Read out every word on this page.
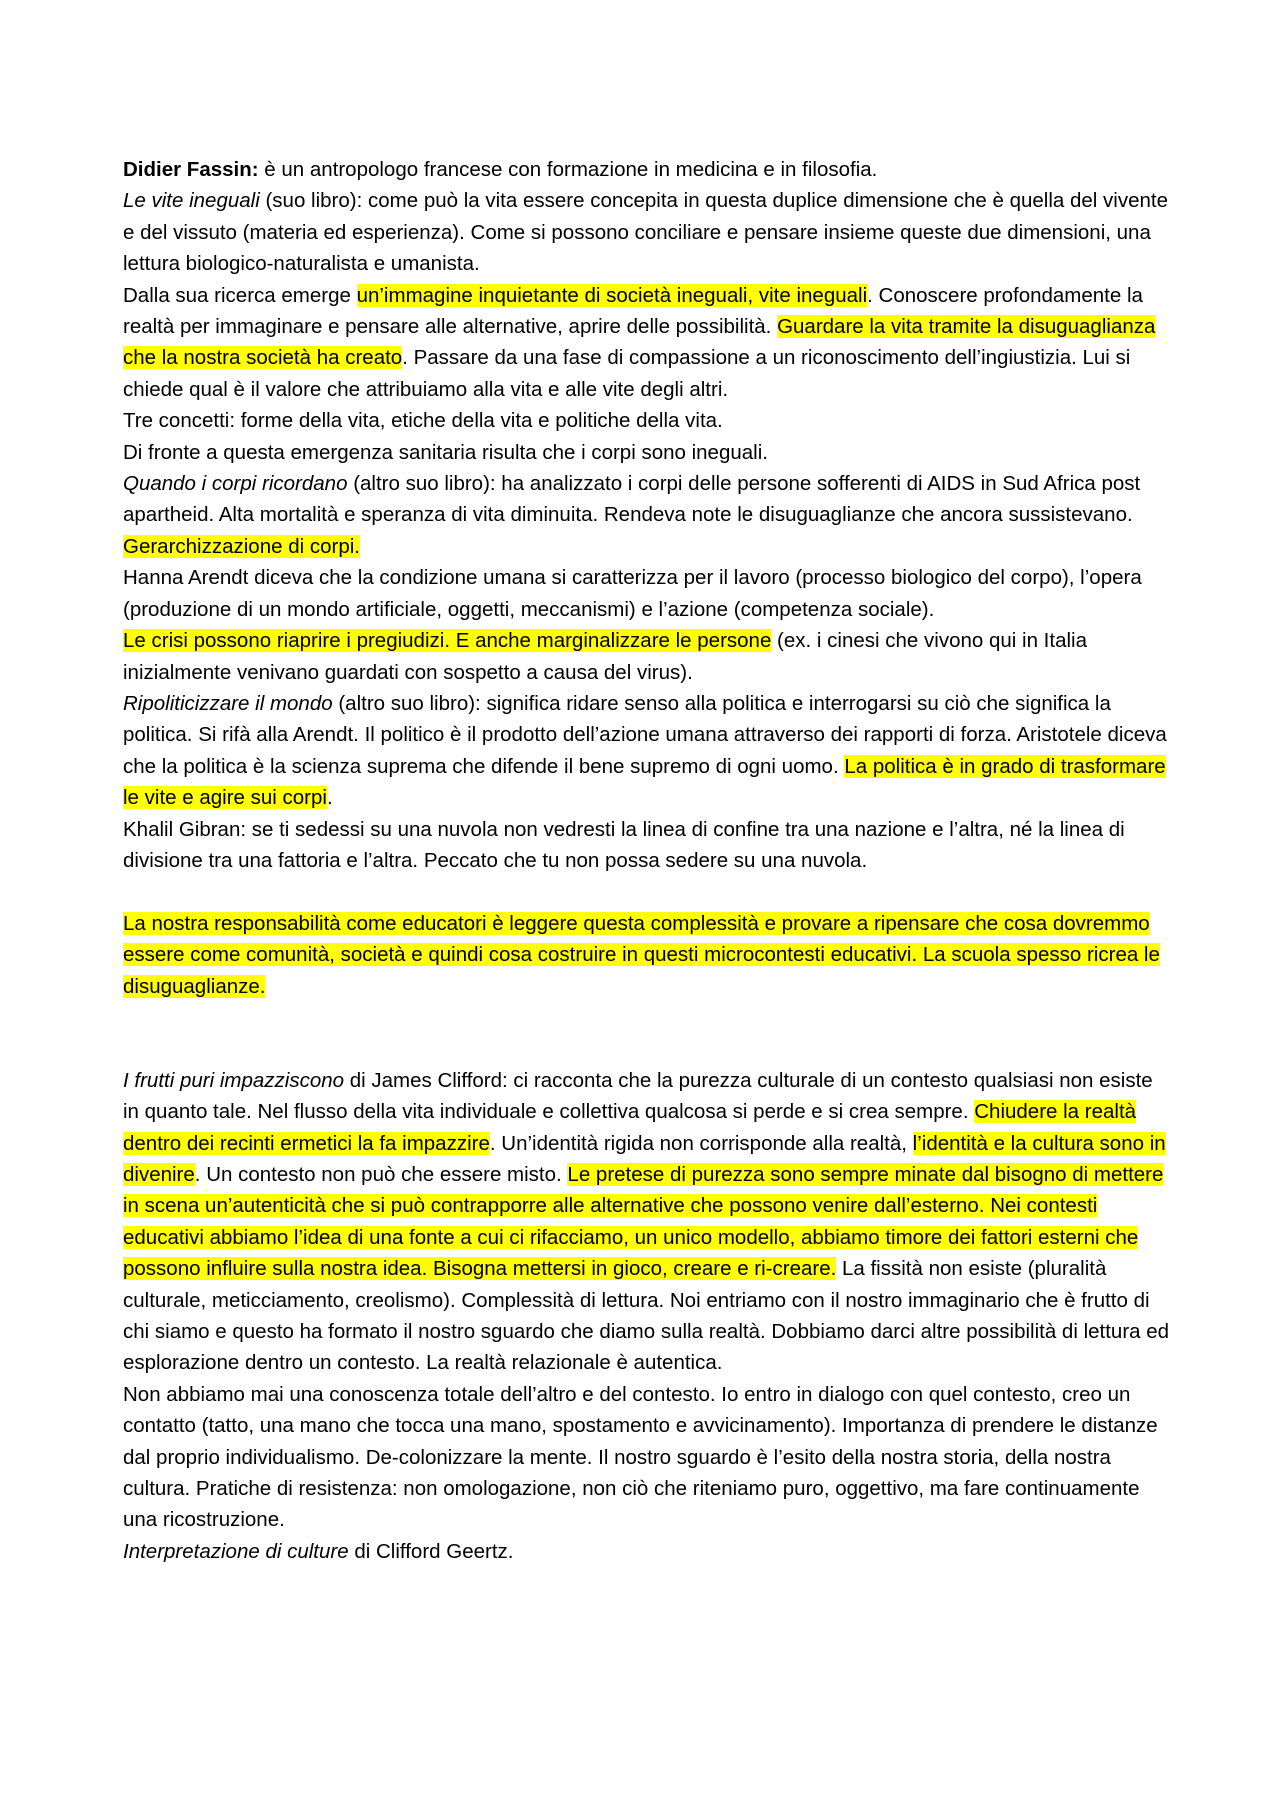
Didier Fassin: è un antropologo francese con formazione in medicina e in filosofia.

Le vite ineguali (suo libro): come può la vita essere concepita in questa duplice dimensione che è quella del vivente e del vissuto (materia ed esperienza). Come si possono conciliare e pensare insieme queste due dimensioni, una lettura biologico-naturalista e umanista.

Dalla sua ricerca emerge un’immagine inquietante di società ineguali, vite ineguali. Conoscere profondamente la realtà per immaginare e pensare alle alternative, aprire delle possibilità. Guardare la vita tramite la disuguaglianza che la nostra società ha creato. Passare da una fase di compassione a un riconoscimento dell’ingiustizia. Lui si chiede qual è il valore che attribuiamo alla vita e alle vite degli altri.

Tre concetti: forme della vita, etiche della vita e politiche della vita.

Di fronte a questa emergenza sanitaria risulta che i corpi sono ineguali.

Quando i corpi ricordano (altro suo libro): ha analizzato i corpi delle persone sofferenti di AIDS in Sud Africa post apartheid. Alta mortalità e speranza di vita diminuita. Rendeva note le disuguaglianze che ancora sussistevano. Gerarchizzazione di corpi.

Hanna Arendt diceva che la condizione umana si caratterizza per il lavoro (processo biologico del corpo), l’opera (produzione di un mondo artificiale, oggetti, meccanismi) e l’azione (competenza sociale).

Le crisi possono riaprire i pregiudizi. E anche marginalizzare le persone (ex. i cinesi che vivono qui in Italia inizialmente venivano guardati con sospetto a causa del virus).

Ripoliticizzare il mondo (altro suo libro): significa ridare senso alla politica e interrogarsi su ciò che significa la politica. Si rifà alla Arendt. Il politico è il prodotto dell’azione umana attraverso dei rapporti di forza. Aristotele diceva che la politica è la scienza suprema che difende il bene supremo di ogni uomo. La politica è in grado di trasformare le vite e agire sui corpi.

Khalil Gibran: se ti sedessi su una nuvola non vedresti la linea di confine tra una nazione e l’altra, né la linea di divisione tra una fattoria e l’altra. Peccato che tu non possa sedere su una nuvola.

La nostra responsabilità come educatori è leggere questa complessità e provare a ripensare che cosa dovremmo essere come comunità, società e quindi cosa costruire in questi microcontesti educativi. La scuola spesso ricrea le disuguaglianze.

I frutti puri impazziscono di James Clifford: ci racconta che la purezza culturale di un contesto qualsiasi non esiste in quanto tale. Nel flusso della vita individuale e collettiva qualcosa si perde e si crea sempre. Chiudere la realtà dentro dei recinti ermetici la fa impazzire. Un’identità rigida non corrisponde alla realtà, l’identità e la cultura sono in divenire. Un contesto non può che essere misto. Le pretese di purezza sono sempre minate dal bisogno di mettere in scena un’autenticità che si può contrapporre alle alternative che possono venire dall’esterno. Nei contesti educativi abbiamo l’idea di una fonte a cui ci rifacciamo, un unico modello, abbiamo timore dei fattori esterni che possono influire sulla nostra idea. Bisogna mettersi in gioco, creare e ri-creare. La fissità non esiste (pluralità culturale, meticciamento, creolismo). Complessità di lettura. Noi entriamo con il nostro immaginario che è frutto di chi siamo e questo ha formato il nostro sguardo che diamo sulla realtà. Dobbiamo darci altre possibilità di lettura ed esplorazione dentro un contesto. La realtà relazionale è autentica.

Non abbiamo mai una conoscenza totale dell’altro e del contesto. Io entro in dialogo con quel contesto, creo un contatto (tatto, una mano che tocca una mano, spostamento e avvicinamento). Importanza di prendere le distanze dal proprio individualismo. De-colonizzare la mente. Il nostro sguardo è l’esito della nostra storia, della nostra cultura. Pratiche di resistenza: non omologazione, non ciò che riteniamo puro, oggettivo, ma fare continuamente una ricostruzione.

Interpretazione di culture di Clifford Geertz.
